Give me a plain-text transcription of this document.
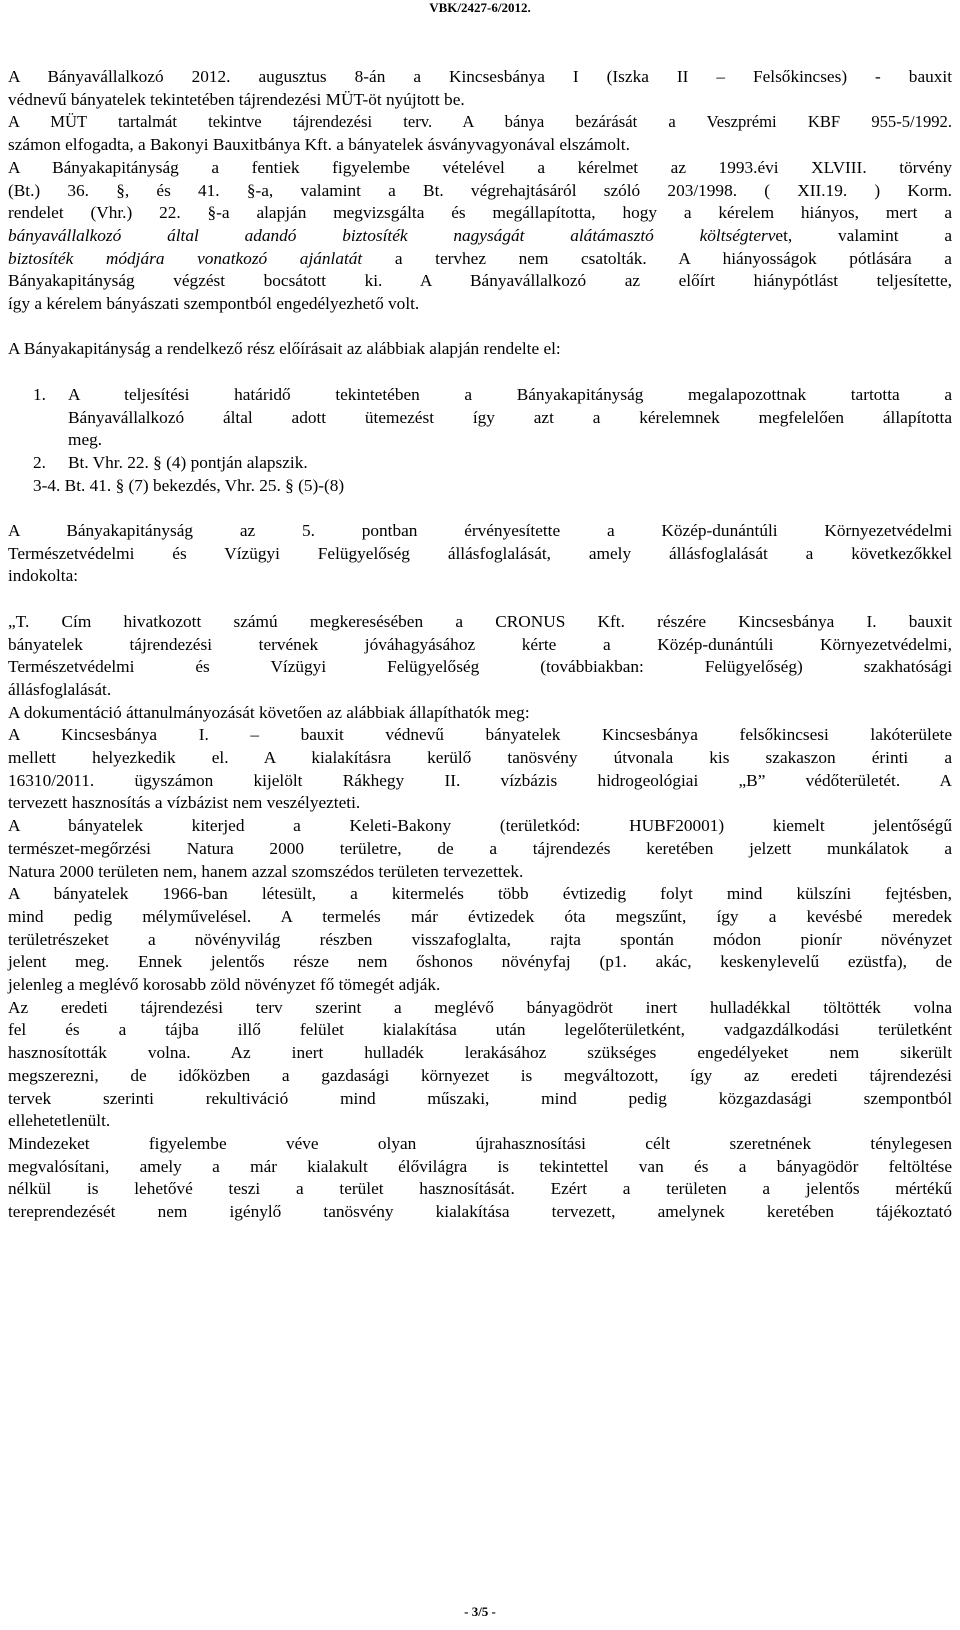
VBK/2427-6/2012.

A Bányavállalkozó 2012. augusztus 8-án a Kincsesbánya I (Iszka II ‒ Felsőkincses) - bauxit

védnevű bányatelek tekintetében tájrendezési MÜT-öt nyújtott be.

A MÜT tartalmát tekintve tájrendezési terv. A bánya bezárását a Veszprémi KBF 955-5/1992.

számon elfogadta, a Bakonyi Bauxitbánya Kft. a bányatelek ásványvagyonával elszámolt.

A Bányakapitányság a fentiek figyelembe vételével a kérelmet az 1993.évi XLVIII. törvény

(Bt.) 36. §, és 41. §-a, valamint a Bt. végrehajtásáról szóló 203/1998. ( XII.19. ) Korm.

rendelet (Vhr.) 22. §-a alapján megvizsgálta és megállapította, hogy a kérelem hiányos, mert a

bányavállalkozó által adandó biztosíték nagyságát alátámasztó költségtervet, valamint a

biztosíték módjára vonatkozó ajánlatát a tervhez nem csatolták. A hiányosságok pótlására a

Bányakapitányság végzést bocsátott ki. A Bányavállalkozó az előírt hiánypótlást teljesítette,

így a kérelem bányászati szempontból engedélyezhető volt.

A Bányakapitányság a rendelkező rész előírásait az alábbiak alapján rendelte el:

1.	A teljesítési határidő tekintetében a Bányakapitányság megalapozottnak tartotta a

Bányavállalkozó által adott ütemezést így azt a kérelemnek megfelelően állapította

meg.

2.	Bt. Vhr. 22. § (4) pontján alapszik.

3-4. Bt. 41. § (7) bekezdés, Vhr. 25. § (5)-(8)

A Bányakapitányság az 5. pontban érvényesítette a Közép-dunántúli Környezetvédelmi

Természetvédelmi és Vízügyi Felügyelőség állásfoglalását, amely állásfoglalását a következőkkel

indokolta:

„T. Cím hivatkozott számú megkeresésében a CRONUS Kft. részére Kincsesbánya I. bauxit

bányatelek tájrendezési tervének jóváhagyásához kérte a Közép-dunántúli Környezetvédelmi,

Természetvédelmi és Vízügyi Felügyelőség (továbbiakban: Felügyelőség) szakhatósági

állásfoglalását.

A dokumentáció áttanulmányozását követően az alábbiak állapíthatók meg:

A Kincsesbánya I. ‒ bauxit védnevű bányatelek Kincsesbánya felsőkincsesi lakóterülete

mellett helyezkedik el. A kialakításra kerülő tanösvény útvonala kis szakaszon érinti a

16310/2011. ügyszámon kijelölt Rákhegy II. vízbázis hidrogeológiai „B” védőterületét. A

tervezett hasznosítás a vízbázist nem veszélyezteti.

A bányatelek kiterjed a Keleti-Bakony (területkód: HUBF20001) kiemelt jelentőségű

természet-megőrzési Natura 2000 területre, de a tájrendezés keretében jelzett munkálatok a

Natura 2000 területen nem, hanem azzal szomszédos területen tervezettek.

A bányatelek 1966-ban létesült, a kitermelés több évtizedig folyt mind külszíni fejtésben,

mind pedig mélyművelésel. A termelés már évtizedek óta megszűnt, így a kevésbé meredek

területrészeket a növényvilág részben visszafoglalta, rajta spontán módon pionír növényzet

jelent meg. Ennek jelentős része nem őshonos növényfaj (p1. akác, keskenylevelű ezüstfa), de

jelenleg a meglévő korosabb zöld növényzet fő tömegét adják.

Az eredeti tájrendezési terv szerint a meglévő bányagödröt inert hulladékkal töltötték volna

fel és a tájba illő felület kialakítása után legelőterületként, vadgazdálkodási területként

hasznosították volna. Az inert hulladék lerakásához szükséges engedélyeket nem sikerült

megszerezni, de időközben a gazdasági környezet is megváltozott, így az eredeti tájrendezési

tervek szerinti rekultiváció mind műszaki, mind pedig közgazdasági szempontból

ellehetetlenült.

Mindezeket figyelembe véve olyan újrahasznosítási célt szeretnének ténylegesen

megvalósítani, amely a már kialakult élővilágra is tekintettel van és a bányagödör feltöltése

nélkül is lehetővé teszi a terület hasznosítását. Ezért a területen a jelentős mértékű

tereprendezését nem igénylő tanösvény kialakítása tervezett, amelynek keretében tájékoztató

- 3/5 -
